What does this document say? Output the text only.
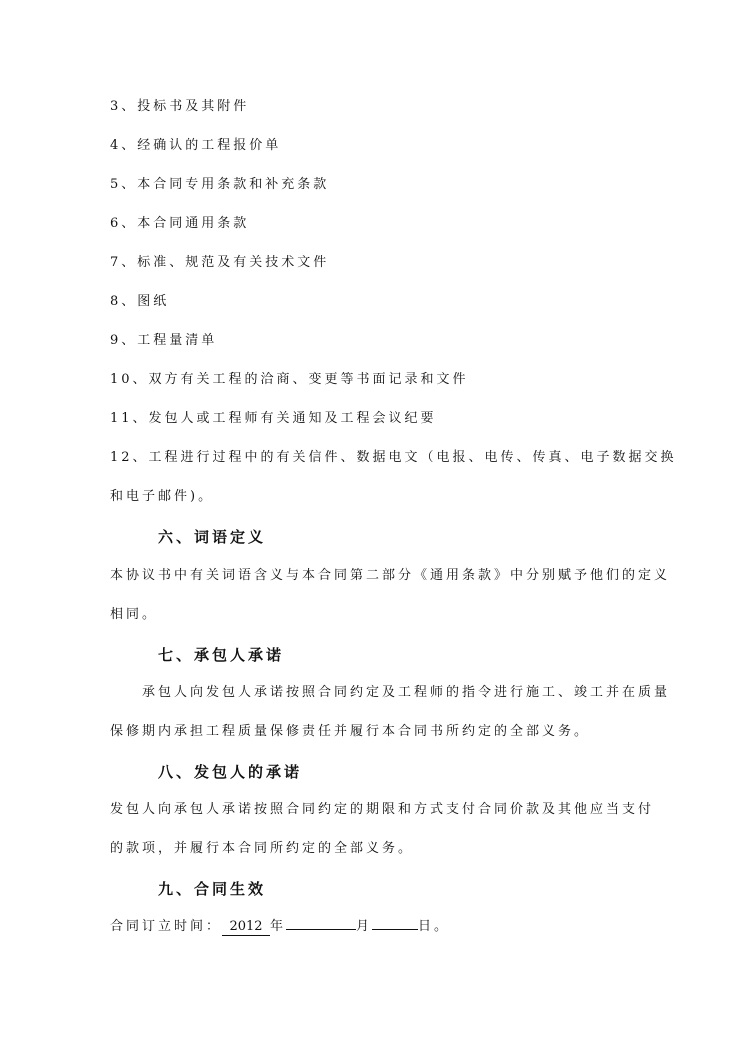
3、投标书及其附件
4、经确认的工程报价单
5、本合同专用条款和补充条款
6、本合同通用条款
7、标准、规范及有关技术文件
8、图纸
9、工程量清单
10、双方有关工程的洽商、变更等书面记录和文件
11、发包人或工程师有关通知及工程会议纪要
12、工程进行过程中的有关信件、数据电文（电报、电传、传真、电子数据交换
和电子邮件)。
六、词语定义
本协议书中有关词语含义与本合同第二部分《通用条款》中分别赋予他们的定义
相同。
七、承包人承诺
承包人向发包人承诺按照合同约定及工程师的指令进行施工、竣工并在质量
保修期内承担工程质量保修责任并履行本合同书所约定的全部义务。
八、发包人的承诺
发包人向承包人承诺按照合同约定的期限和方式支付合同价款及其他应当支付
的款项，并履行本合同所约定的全部义务。
九、合同生效
合同订立时间： 2012 年	月	日。
